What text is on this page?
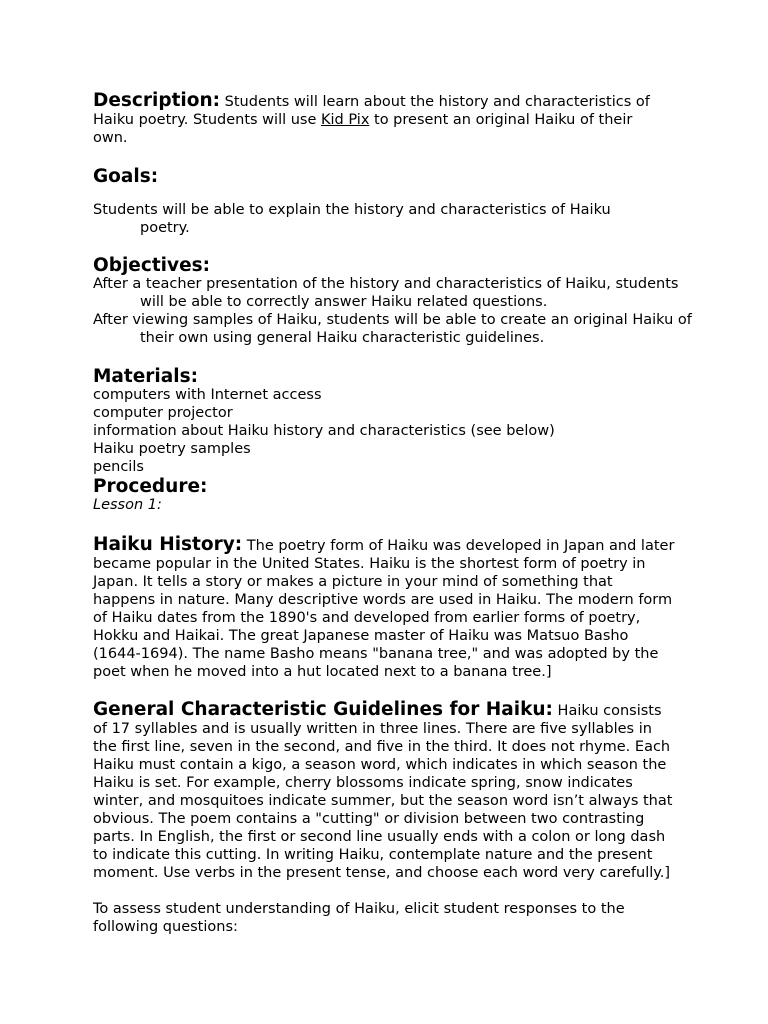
Description: Students will learn about the history and characteristics of Haiku poetry. Students will use Kid Pix to present an original Haiku of their own.

Goals:

Students will be able to explain the history and characteristics of Haiku poetry.

Objectives:

After a teacher presentation of the history and characteristics of Haiku, students will be able to correctly answer Haiku related questions.

After viewing samples of Haiku, students will be able to create an original Haiku of their own using general Haiku characteristic guidelines.

Materials:
computers with Internet access
computer projector
information about Haiku history and characteristics (see below)
Haiku poetry samples
pencils
Procedure:
Lesson 1:

Haiku History: The poetry form of Haiku was developed in Japan and later became popular in the United States. Haiku is the shortest form of poetry in Japan. It tells a story or makes a picture in your mind of something that happens in nature. Many descriptive words are used in Haiku. The modern form of Haiku dates from the 1890's and developed from earlier forms of poetry, Hokku and Haikai. The great Japanese master of Haiku was Matsuo Basho (1644-1694). The name Basho means "banana tree," and was adopted by the poet when he moved into a hut located next to a banana tree.]

General Characteristic Guidelines for Haiku: Haiku consists of 17 syllables and is usually written in three lines. There are five syllables in the first line, seven in the second, and five in the third. It does not rhyme. Each Haiku must contain a kigo, a season word, which indicates in which season the Haiku is set. For example, cherry blossoms indicate spring, snow indicates winter, and mosquitoes indicate summer, but the season word isn’t always that obvious. The poem contains a "cutting" or division between two contrasting parts. In English, the first or second line usually ends with a colon or long dash to indicate this cutting. In writing Haiku, contemplate nature and the present moment. Use verbs in the present tense, and choose each word very carefully.]

To assess student understanding of Haiku, elicit student responses to the following questions:
